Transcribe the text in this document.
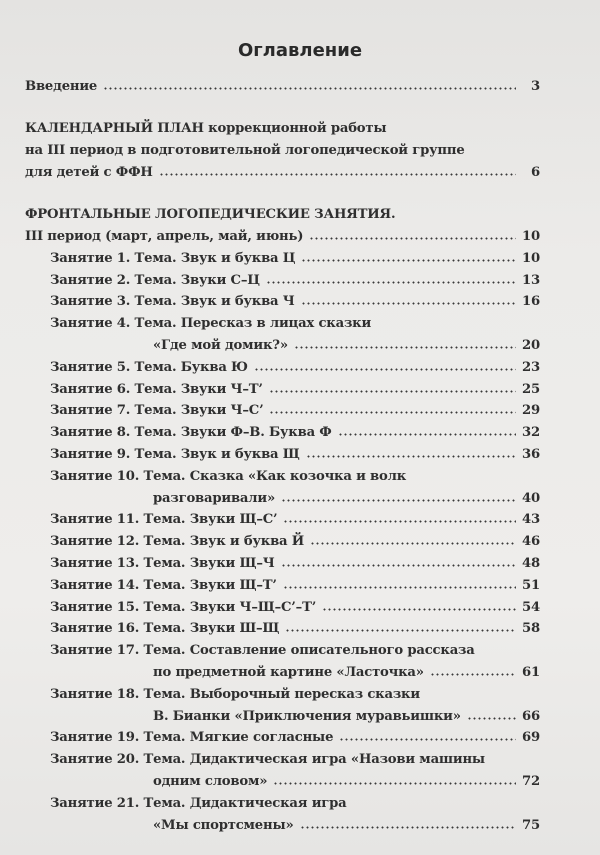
Оглавление
Введение	3
КАЛЕНДАРНЫЙ ПЛАН коррекционной работы
на III период в подготовительной логопедической группе
для детей с ФФН	6
ФРОНТАЛЬНЫЕ ЛОГОПЕДИЧЕСКИЕ ЗАНЯТИЯ.
III период (март, апрель, май, июнь)	10
Занятие 1. Тема. Звук и буква Ц	10
Занятие 2. Тема. Звуки С–Ц	13
Занятие 3. Тема. Звук и буква Ч	16
Занятие 4. Тема. Пересказ в лицах сказки
«Где мой домик?»	20
Занятие 5. Тема. Буква Ю	23
Занятие 6. Тема. Звуки Ч–Т’	25
Занятие 7. Тема. Звуки Ч–С’	29
Занятие 8. Тема. Звуки Ф–В. Буква Ф	32
Занятие 9. Тема. Звук и буква Щ	36
Занятие 10. Тема. Сказка «Как козочка и волк
разговаривали»	40
Занятие 11. Тема. Звуки Щ–С’	43
Занятие 12. Тема. Звук и буква Й	46
Занятие 13. Тема. Звуки Щ–Ч	48
Занятие 14. Тема. Звуки Щ–Т’	51
Занятие 15. Тема. Звуки Ч–Щ–С’–Т’	54
Занятие 16. Тема. Звуки Ш–Щ	58
Занятие 17. Тема. Составление описательного рассказа
по предметной картине «Ласточка»	61
Занятие 18. Тема. Выборочный пересказ сказки
В. Бианки «Приключения муравьишки»	66
Занятие 19. Тема. Мягкие согласные	69
Занятие 20. Тема. Дидактическая игра «Назови машины
одним словом»	72
Занятие 21. Тема. Дидактическая игра
«Мы спортсмены»	75
